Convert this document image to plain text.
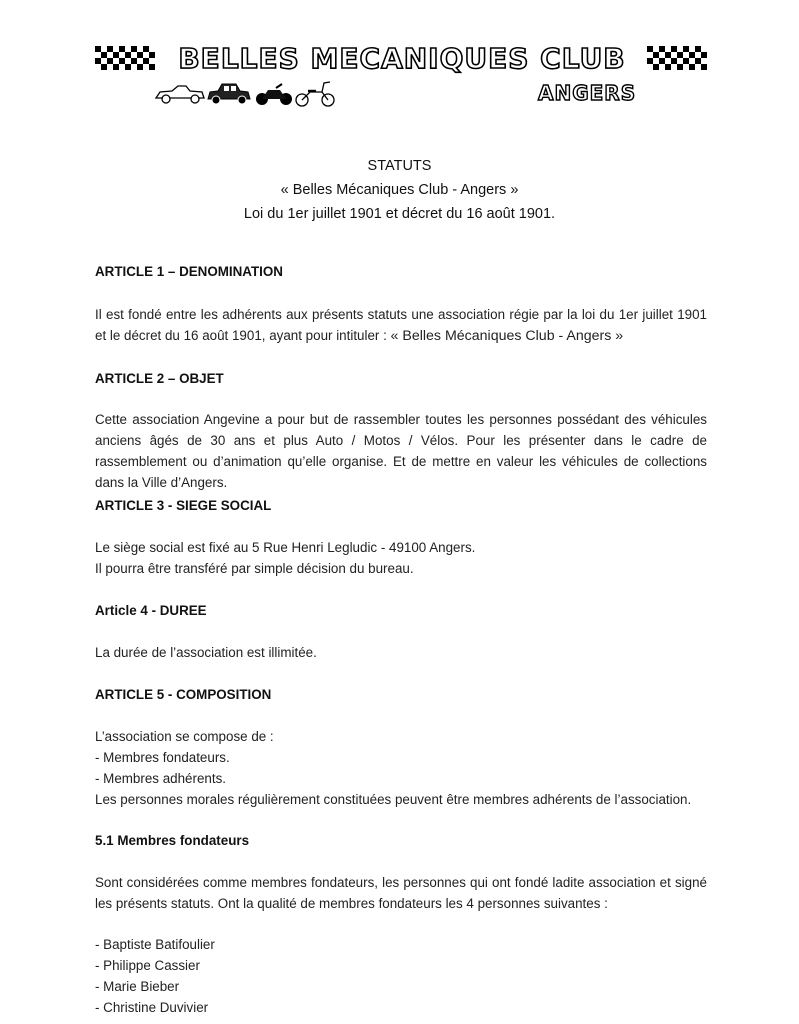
BELLES MECANIQUES CLUB
ANGERS
STATUTS
« Belles Mécaniques Club - Angers »
Loi du 1er juillet 1901 et décret du 16 août 1901.
ARTICLE 1 – DENOMINATION
Il est fondé entre les adhérents aux présents statuts une association régie par la loi du 1er juillet 1901 et le décret du 16 août 1901, ayant pour intituler : « Belles Mécaniques Club - Angers »
ARTICLE 2 – OBJET
Cette association Angevine a pour but de rassembler toutes les personnes possédant des véhicules anciens âgés de 30 ans et plus Auto / Motos / Vélos. Pour les présenter dans le cadre de rassemblement ou d’animation qu’elle organise. Et de mettre en valeur les véhicules de collections dans la Ville d’Angers.
ARTICLE 3 - SIEGE SOCIAL
Le siège social est fixé au 5 Rue Henri Legludic - 49100 Angers.
Il pourra être transféré par simple décision du bureau.
Article 4 - DUREE
La durée de l’association est illimitée.
ARTICLE 5 - COMPOSITION
L’association se compose de :
- Membres fondateurs.
- Membres adhérents.
Les personnes morales régulièrement constituées peuvent être membres adhérents de l’association.
5.1 Membres fondateurs
Sont considérées comme membres fondateurs, les personnes qui ont fondé ladite association et signé les présents statuts. Ont la qualité de membres fondateurs les 4 personnes suivantes :
- Baptiste Batifoulier
- Philippe Cassier
- Marie Bieber
- Christine Duvivier
